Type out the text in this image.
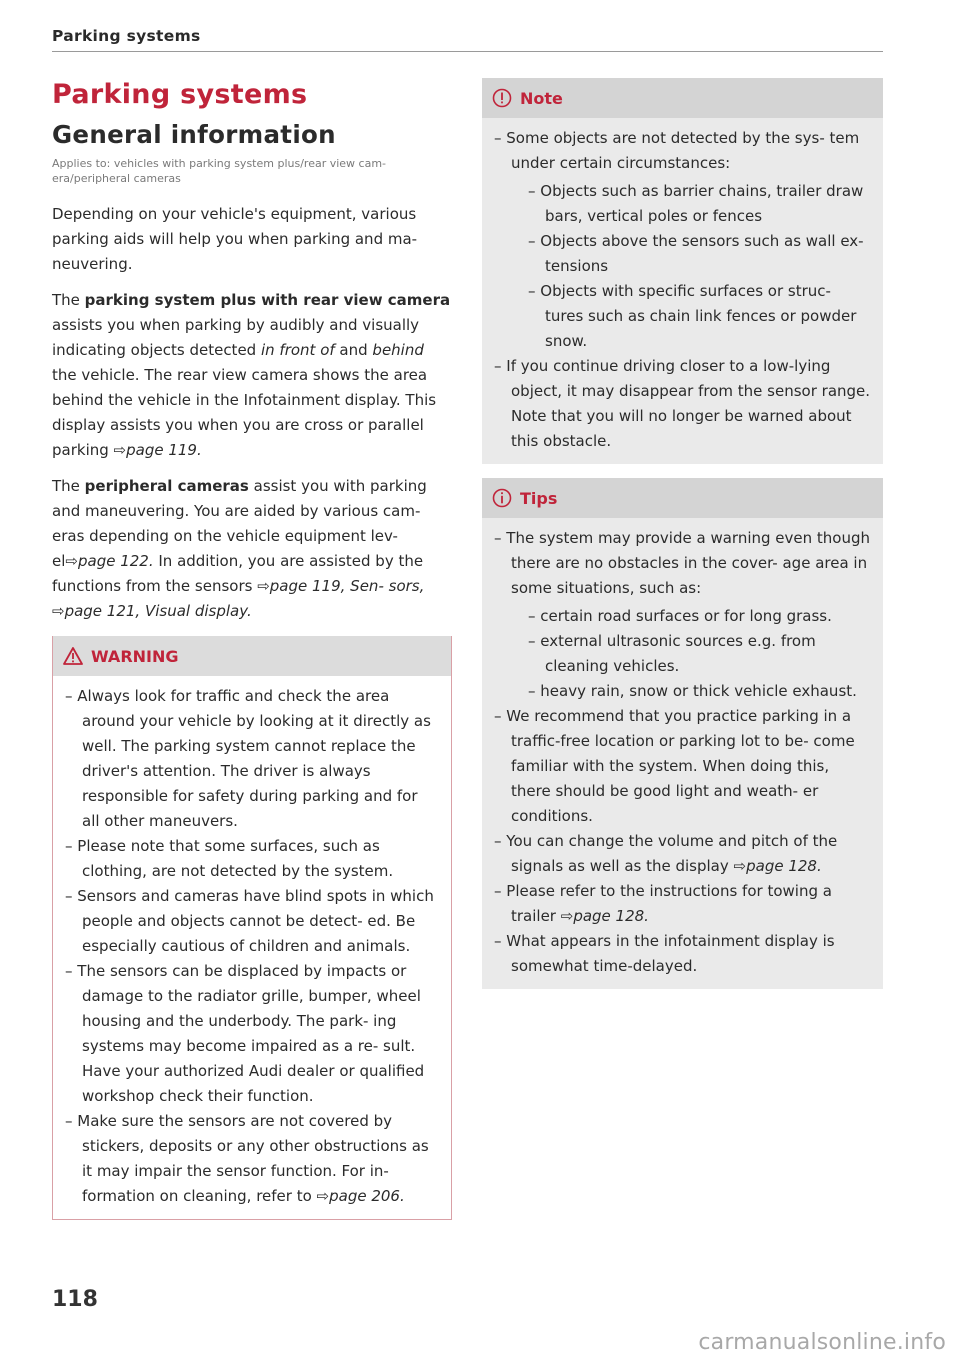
Parking systems
Parking systems
General information
Applies to: vehicles with parking system plus/rear view cam- era/peripheral cameras

Depending on your vehicle's equipment, various parking aids will help you when parking and ma- neuvering.

The parking system plus with rear view camera assists you when parking by audibly and visually indicating objects detected in front of and behind the vehicle. The rear view camera shows the area behind the vehicle in the Infotainment display. This display assists you when you are cross or parallel parking ⇨page 119.

The peripheral cameras assist you with parking and maneuvering. You are aided by various cam- eras depending on the vehicle equipment lev- el⇨page 122. In addition, you are assisted by the functions from the sensors ⇨page 119, Sen- sors, ⇨page 121, Visual display.

WARNING
– Always look for traffic and check the area around your vehicle by looking at it directly as well. The parking system cannot replace the driver's attention. The driver is always responsible for safety during parking and for all other maneuvers.
– Please note that some surfaces, such as clothing, are not detected by the system.
– Sensors and cameras have blind spots in which people and objects cannot be detect- ed. Be especially cautious of children and animals.
– The sensors can be displaced by impacts or damage to the radiator grille, bumper, wheel housing and the underbody. The park- ing systems may become impaired as a re- sult. Have your authorized Audi dealer or qualified workshop check their function.
– Make sure the sensors are not covered by stickers, deposits or any other obstructions as it may impair the sensor function. For in- formation on cleaning, refer to ⇨page 206.
Note
– Some objects are not detected by the sys- tem under certain circumstances:
– Objects such as barrier chains, trailer draw bars, vertical poles or fences
– Objects above the sensors such as wall ex- tensions
– Objects with specific surfaces or struc- tures such as chain link fences or powder snow.
– If you continue driving closer to a low-lying object, it may disappear from the sensor range. Note that you will no longer be warned about this obstacle.
Tips
– The system may provide a warning even though there are no obstacles in the cover- age area in some situations, such as:
– certain road surfaces or for long grass.
– external ultrasonic sources e.g. from cleaning vehicles.
– heavy rain, snow or thick vehicle exhaust.
– We recommend that you practice parking in a traffic-free location or parking lot to be- come familiar with the system. When doing this, there should be good light and weath- er conditions.
– You can change the volume and pitch of the signals as well as the display ⇨page 128.
– Please refer to the instructions for towing a trailer ⇨page 128.
– What appears in the infotainment display is somewhat time-delayed.
118
carmanualsonline.info
